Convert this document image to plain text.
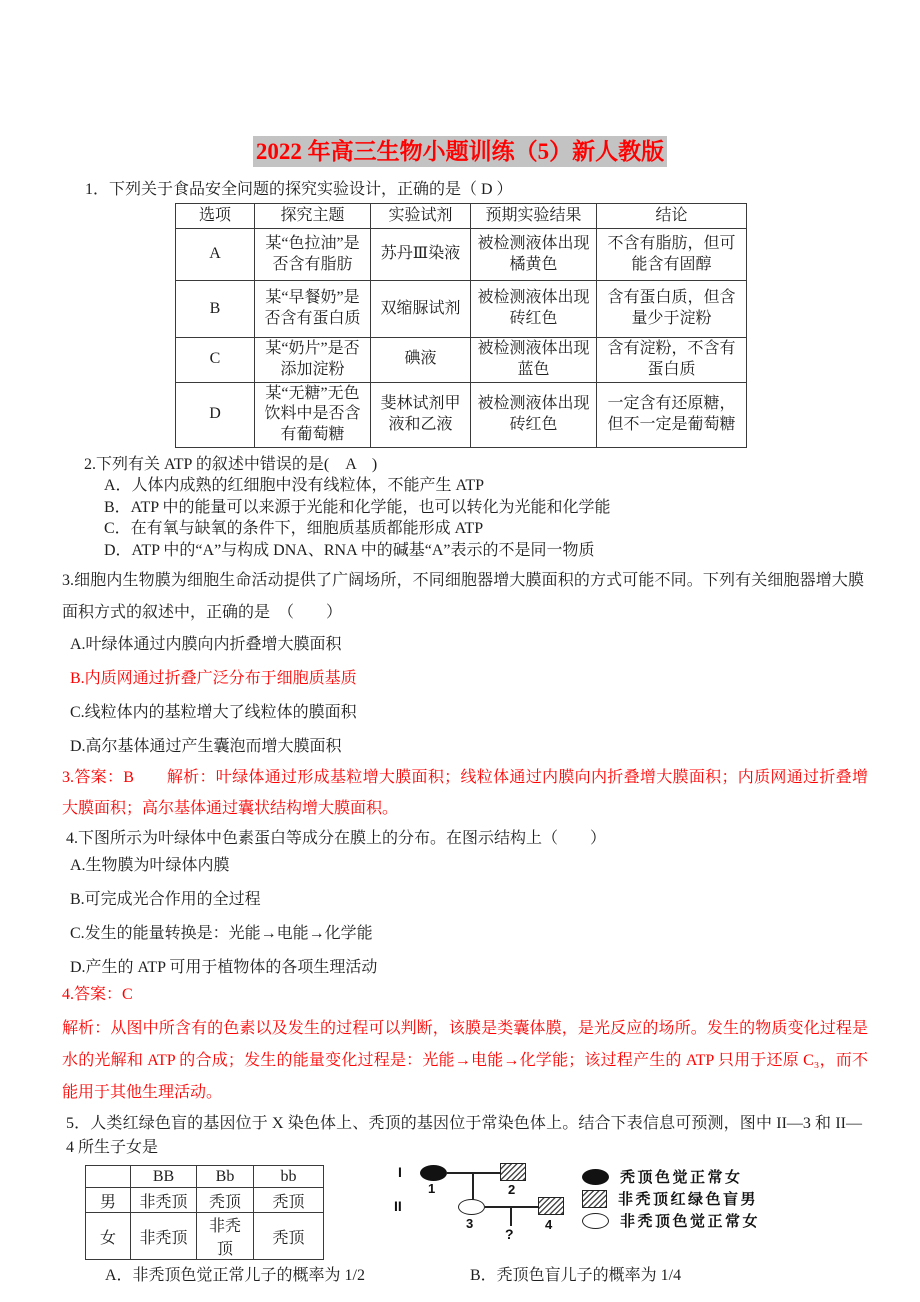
2022 年高三生物小题训练（5）新人教版
1．下列关于食品安全问题的探究实验设计，正确的是（ D ）
选项	探究主题	实验试剂	预期实验结果	结论
A	某“色拉油”是否含有脂肪	苏丹Ⅲ染液	被检测液体出现橘黄色	不含有脂肪，但可能含有固醇
B	某“早餐奶”是否含有蛋白质	双缩脲试剂	被检测液体出现砖红色	含有蛋白质，但含量少于淀粉
C	某“奶片”是否添加淀粉	碘液	被检测液体出现蓝色	含有淀粉，不含有蛋白质
D	某“无糖”无色饮料中是否含有葡萄糖	斐林试剂甲液和乙液	被检测液体出现砖红色	一定含有还原糖，但不一定是葡萄糖
2.下列有关 ATP 的叙述中错误的是(　A　)
A．人体内成熟的红细胞中没有线粒体，不能产生 ATP
B．ATP 中的能量可以来源于光能和化学能，也可以转化为光能和化学能
C．在有氧与缺氧的条件下，细胞质基质都能形成 ATP
D．ATP 中的“A”与构成 DNA、RNA 中的碱基“A”表示的不是同一物质
3.细胞内生物膜为细胞生命活动提供了广阔场所，不同细胞器增大膜面积的方式可能不同。下列有关细胞器增大膜面积方式的叙述中，正确的是　（　　）
A.叶绿体通过内膜向内折叠增大膜面积
B.内质网通过折叠广泛分布于细胞质基质
C.线粒体内的基粒增大了线粒体的膜面积
D.高尔基体通过产生囊泡而增大膜面积
3.答案：B　　解析：叶绿体通过形成基粒增大膜面积；线粒体通过内膜向内折叠增大膜面积；内质网通过折叠增大膜面积；高尔基体通过囊状结构增大膜面积。
4.下图所示为叶绿体中色素蛋白等成分在膜上的分布。在图示结构上（　　）
A.生物膜为叶绿体内膜
B.可完成光合作用的全过程
C.发生的能量转换是：光能→电能→化学能
D.产生的 ATP 可用于植物体的各项生理活动
4.答案：C
解析：从图中所含有的色素以及发生的过程可以判断，该膜是类囊体膜，是光反应的场所。发生的物质变化过程是水的光解和 ATP 的合成；发生的能量变化过程是：光能→电能→化学能；该过程产生的 ATP 只用于还原 C₃，而不能用于其他生理活动。
5．人类红绿色盲的基因位于 X 染色体上、秃顶的基因位于常染色体上。结合下表信息可预测，图中 II—3 和 II—4 所生子女是
	BB	Bb	bb
男	非秃顶	秃顶	秃顶
女	非秃顶	非秃顶	秃顶
I
1	2
II
3	4
?
秃顶色觉正常女
非秃顶红绿色盲男
非秃顶色觉正常女
A．非秃顶色觉正常儿子的概率为 1/2	B．秃顶色盲儿子的概率为 1/4
